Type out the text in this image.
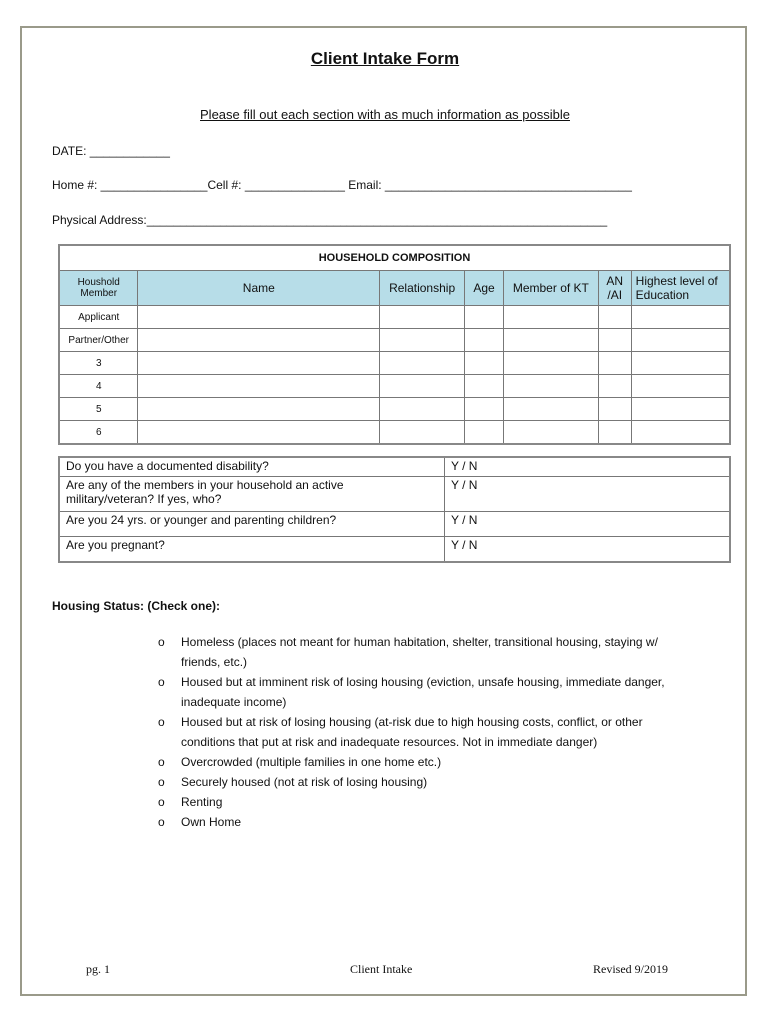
Client Intake Form
Please fill out each section with as much information as possible
DATE: ____________
Home #: ________________Cell #: _______________ Email: _____________________________________
Physical Address:_____________________________________________________________________
HOUSEHOLD COMPOSITION						
Houshold Member	Name	Relationship	Age	Member of KT	AN /AI	Highest level of Education
Applicant						
Partner/Other						
3						
4						
5						
6						
Do you have a documented disability?	Y / N
Are any of the members in your household an active military/veteran? If yes, who?	Y / N
Are you 24 yrs. or younger and parenting children?	Y / N
Are you pregnant?	Y / N
Housing Status: (Check one):
o Homeless (places not meant for human habitation, shelter, transitional housing, staying w/ friends, etc.)
o Housed but at imminent risk of losing housing (eviction, unsafe housing, immediate danger, inadequate income)
o Housed but at risk of losing housing (at-risk due to high housing costs, conflict, or other conditions that put at risk and inadequate resources. Not in immediate danger)
o Overcrowded (multiple families in one home etc.)
o Securely housed (not at risk of losing housing)
o Renting
o Own Home
pg. 1	Client Intake	Revised 9/2019
